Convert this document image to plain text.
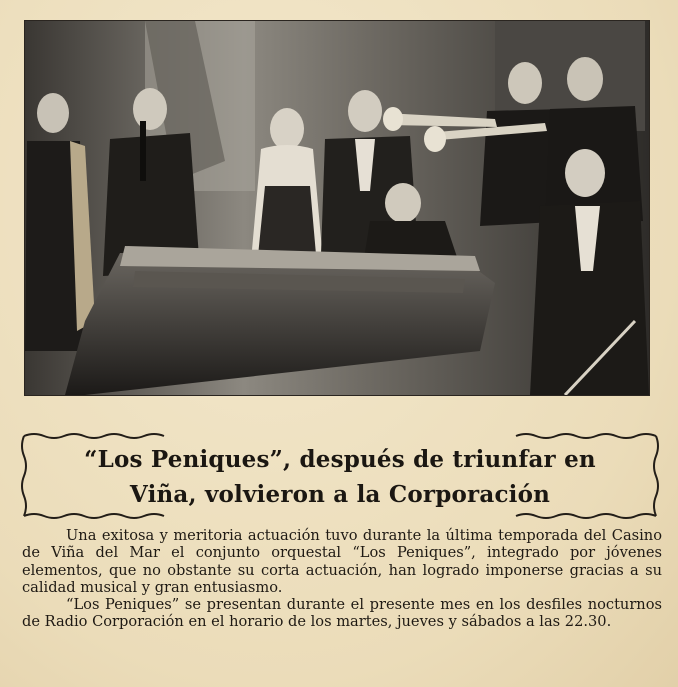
“Los Peniques”, después de triunfar en
Viña, volvieron a la Corporación

Una exitosa y meritoria actuación tuvo durante la última temporada del Casino de Viña del Mar el conjunto orquestal “Los Peniques”, integrado por jóvenes elementos, que no obstante su corta actuación, han logrado imponerse gracias a su calidad musical y gran entusiasmo.

“Los Peniques” se presentan durante el presente mes en los desfiles nocturnos de Radio Corporación en el horario de los martes, jueves y sábados a las 22.30.
